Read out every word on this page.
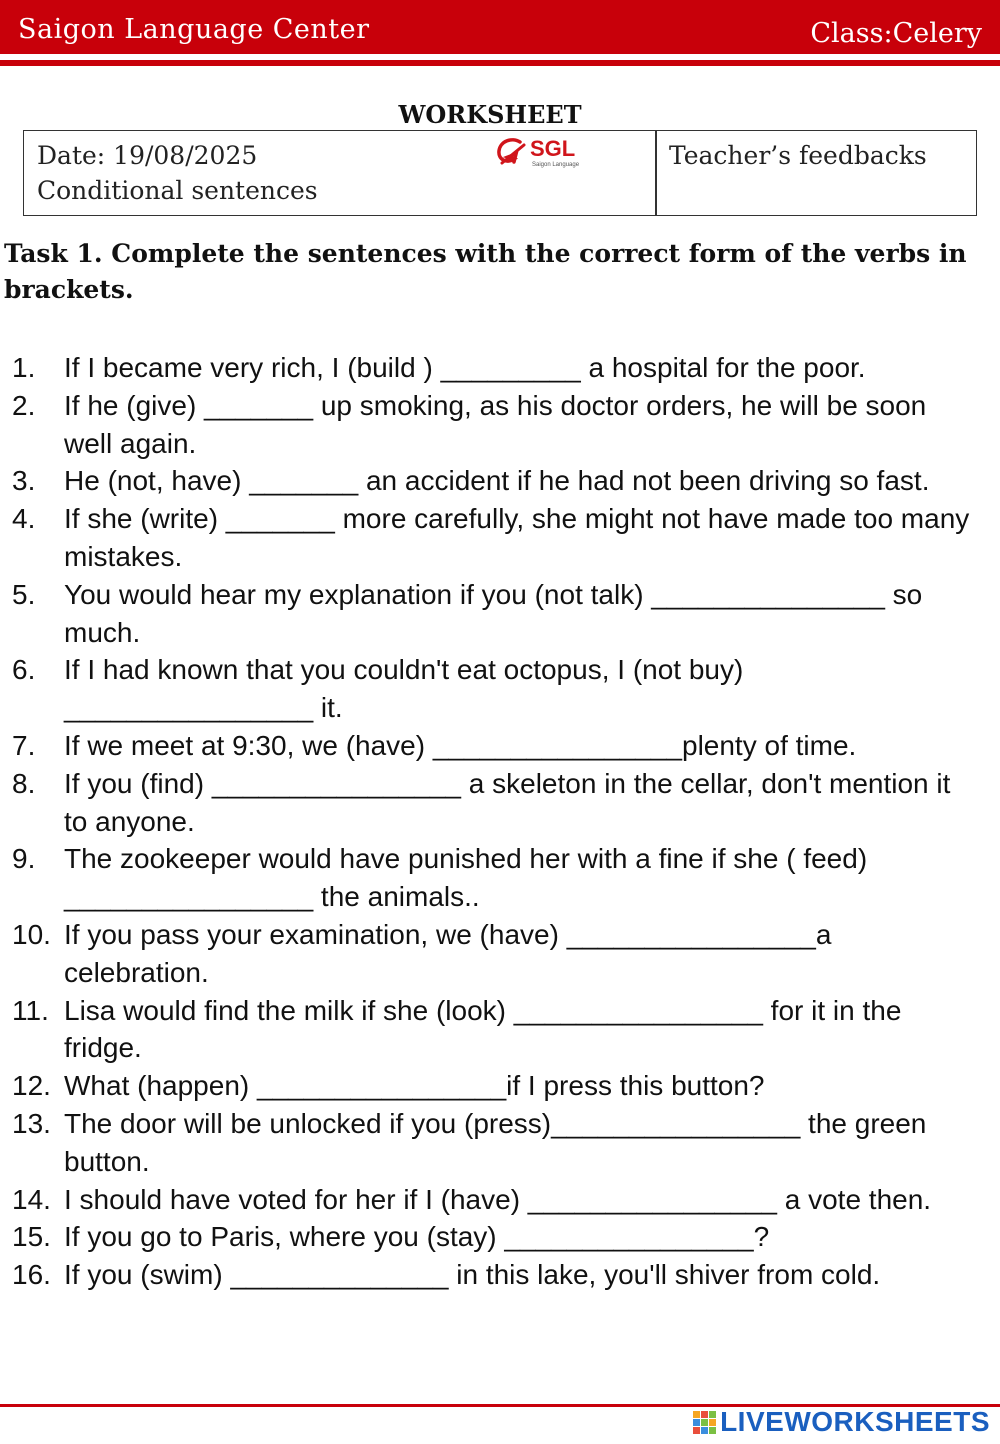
Saigon Language Center	Class:Celery
WORKSHEET
Date: 19/08/2025
Conditional sentences
SGL
Saigon Language	Teacher’s feedbacks
Task 1. Complete the sentences with the correct form of the verbs in brackets.
1.	If I became very rich, I (build ) _________ a hospital for the poor.
2.	If he (give) _______ up smoking, as his doctor orders, he will be soon well again.
3.	He (not, have) _______ an accident if he had not been driving so fast.
4.	If she (write) _______ more carefully, she might not have made too many mistakes.
5.	You would hear my explanation if you (not talk) _______________ so much.
6.	If I had known that you couldn't eat octopus, I (not buy) ________________ it.
7.	If we meet at 9:30, we (have) ________________plenty of time.
8.	If you (find) ________________ a skeleton in the cellar, don't mention it to anyone.
9.	The zookeeper would have punished her with a fine if she ( feed) ________________ the animals..
10. If you pass your examination, we (have) ________________a celebration.
11. Lisa would find the milk if she (look) ________________ for it in the fridge.
12. What (happen) ________________if I press this button?
13. The door will be unlocked if you (press)________________ the green button.
14. I should have voted for her if I (have) ________________ a vote then.
15. If you go to Paris, where you (stay) ________________?
16. If you (swim) ______________ in this lake, you'll shiver from cold.
LIVEWORKSHEETS
